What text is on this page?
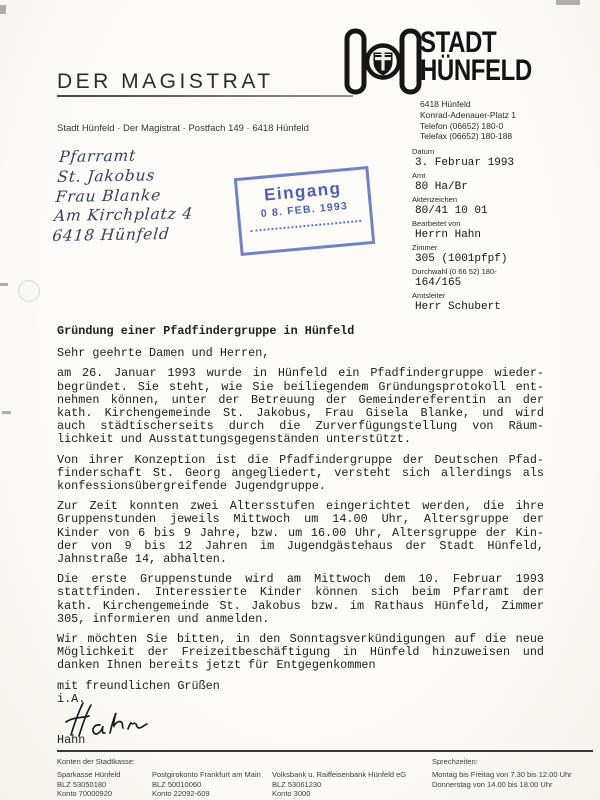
DER MAGISTRAT
Stadt Hünfeld · Der Magistrat · Postfach 149 · 6418 Hünfeld
STADT
HÜNFELD
6418 Hünfeld
Konrad-Adenauer-Platz 1
Telefon (06652) 180-0
Telefax (06652) 180-188
Pfarramt
St. Jakobus
Frau Blanke
Am Kirchplatz 4
6418 Hünfeld
Eingang
0 8. FEB. 1993
Datum
3. Februar 1993
Amt
80 Ha/Br
Aktenzeichen
80/41 10 01
Bearbeitet von
Herrn Hahn
Zimmer
305 (1001pfpf)
Durchwahl (0 66 52) 180-
164/165
Amtsleiter
Herr Schubert
Gründung einer Pfadfindergruppe in Hünfeld
Sehr geehrte Damen und Herren,
am 26. Januar 1993 wurde in Hünfeld ein Pfadfindergruppe wieder-
begründet. Sie steht, wie Sie beiliegendem Gründungsprotokoll ent-
nehmen können, unter der Betreuung der Gemeindereferentin an der
kath. Kirchengemeinde St. Jakobus, Frau Gisela Blanke, und wird
auch städtischerseits durch die Zurverfügungstellung von Räum-
lichkeit und Ausstattungsgegenständen unterstützt.
Von ihrer Konzeption ist die Pfadfindergruppe der Deutschen Pfad-
finderschaft St. Georg angegliedert, versteht sich allerdings als
konfessionsübergreifende Jugendgruppe.
Zur Zeit konnten zwei Altersstufen eingerichtet werden, die ihre
Gruppenstunden jeweils Mittwoch um 14.00 Uhr, Altersgruppe der
Kinder von 6 bis 9 Jahre, bzw. um 16.00 Uhr, Altersgruppe der Kin-
der von 9 bis 12 Jahren im Jugendgästehaus der Stadt Hünfeld,
Jahnstraße 14, abhalten.
Die erste Gruppenstunde wird am Mittwoch dem 10. Februar 1993
stattfinden. Interessierte Kinder können sich beim Pfarramt der
kath. Kirchengemeinde St. Jakobus bzw. im Rathaus Hünfeld, Zimmer
305, informieren und anmelden.
Wir möchten Sie bitten, in den Sonntagsverkündigungen auf die neue
Möglichkeit der Freizeitbeschäftigung in Hünfeld hinzuweisen und
danken Ihnen bereits jetzt für Entgegenkommen
mit freundlichen Grüßen
i.A.
Hahn
Konten der Stadtkasse:	Sprechzeiten:
Sparkasse Hünfeld
BLZ 53050180
Konto 70000920
Postgirokonto Frankfurt am Main
BLZ 50010060
Konto 22092-609
Volksbank u. Raiffeisenbank Hünfeld eG
BLZ 53061230
Konto 3000
Montag bis Freitag von 7.30 bis 12.00 Uhr
Donnerstag von 14.00 bis 18.00 Uhr
